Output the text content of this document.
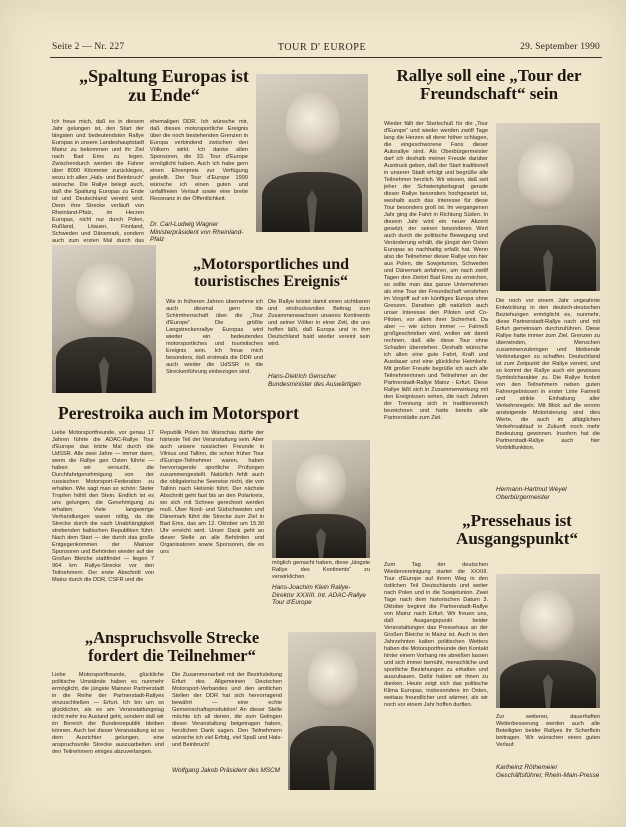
Seite 2 — Nr. 227	TOUR D' EUROPE	29. September 1990
„Spaltung Europas ist zu Ende“
Ich freue mich, daß es in diesem Jahr gelungen ist, den Start der längsten und bedeutendsten Rallye Europas in unsere Landeshauptstadt Mainz zu bekommen und ihr Ziel nach Bad Ems zu legen. Zwischendurch werden die Fahrer über 8000 Kilometer zurücklegen, wozu ich allen „Hals- und Beinbruch“ wünsche. Die Rallye belegt auch, daß die Spaltung Europas zu Ende ist und Deutschland vereint wird. Denn ihre Strecke verläuft von Rheinland-Pfalz, im Herzen Europas, nicht nur durch Polen, Rußland, Litauen, Finnland, Schweden und Dänemark, sondern auch zum ersten Mal durch das
ehemaligen DDR. Ich wünsche mir, daß dieses motorsportliche Ereignis über die noch bestehenden Grenzen in Europa verbindend zwischen den Völkern wirkt. Ich danke allen Sponsoren, die 33. Tour d'Europe ermöglicht haben. Auch ich habe gern einen Ehrenpreis zur Verfügung gestellt. Der Tour d'Europe 1990 wünsche ich einen guten und unfallfreien Verlauf sowie eine breite Resonanz in der Öffentlichkeit.
Dr. Carl-Ludwig Wagner Ministerpräsident von Rheinland-Pfalz
„Motorsportliches und touristisches Ereignis“
Wie in früheren Jahren übernehme ich auch diesmal gern die Schirmherrschaft über die „Tour d'Europe“. Die größte Langstreckenrallye Europas wird wieder ein bedeutendes motorsportliches und touristisches Ereignis sein. Ich freue mich besonders, daß erstmals die DDR und auch wieder die UdSSR in die Streckenführung einbezogen sind.
Die Rallye leistet damit einen sichtbaren und eindrucksvollen Beitrag zum Zusammenwachsen unseres Kontinents und seiner Völker in einer Zeit, die uns hoffen läßt, daß Europa und in ihm Deutschland bald wieder vereint sein wird.
Hans-Dietrich Genscher Bundesminister des Auswärtigen
Perestroika auch im Motorsport
Liebe Motorsportfreunde, vor genau 17 Jahren führte die ADAC-Rallye Tour d'Europe das letzte Mal durch die UdSSR. Alle zwei Jahre — immer dann, wenn die Rallye gen Osten führte — haben wir versucht, die Durchfahrtgenehmigung von der russischen Motorsport-Federation zu erhalten. Wie sagt man so schön: Steter Tropfen höhlt den Stein. Endlich ist es uns gelungen, die Genehmigung zu erhalten. Viele langwierige Verhandlungen waren nötig, da die Strecke durch die nach Unabhängigkeit strebenden baltischen Republiken führt. Nach dem Start — der durch das große Entgegenkommen der Mainzer Sponsoren und Behörden wieder auf der Großen Bleiche stattfindet — liegen 7 964 km Rallye-Strecke vor den Teilnehmern. Der erste Abschnitt von Mainz durch die DDR, CSFR und die
Republik Polen bis Warschau dürfte der härteste Teil der Veranstaltung sein. Aber auch unsere russischen Freunde in Vilnius und Tallinn, die schon früher Tour d'Europe-Teilnehmer waren, haben hervorragende sportliche Prüfungen zusammengestellt. Natürlich fehlt auch die obligatorische Seereise nicht, die von Tallinn nach Helsinki führt. Der nächste Abschnitt geht fast bis an den Polarkreis, wo sich mit Schnee gerechnet werden muß. Über Nord- und Südschweden und Dänemark führt die Strecke zum Ziel in Bad Ems, das am 12. Oktober um 15.30 Uhr erreicht wird. Unser Dank geht an dieser Stelle an alle Behörden und Organisatoren sowie Sponsoren, die es uns
möglich gemacht haben, diese „längste Rallye des Kontinents“ zu verwirklichen.
Hans-Joachim Klein Rallye-Direktor XXXIII. Int. ADAC-Rallye Tour d'Europe
„Anspruchsvolle Strecke fordert die Teilnehmer“
Liebe Motorsportfreunde, glückliche politische Umstände haben es nunmehr ermöglicht, die jüngste Mainzer Partnerstadt in die Reihe der Partnerstadt-Rallyes einzuschließen — Erfurt. Ich bin um so glücklicher, als es am Veranstaltungstag nicht mehr ins Ausland geht, sondern daß wir im Bereich der Bundesrepublik bleiben können. Auch bei dieser Veranstaltung ist es dem Ausrichter gelungen, eine anspruchsvolle Strecke auszuarbeiten und den Teilnehmern einiges abzuverlangen.
Die Zusammenarbeit mit der Bezirksleitung Erfurt des Allgemeinen Deutschen Motorsport-Verbandes und den amtlichen Stellen der DDR hat sich hervorragend bewährt — eine echte Gemeinschaftsproduktion! An dieser Stelle möchte ich all denen, die zum Gelingen dieser Veranstaltung beigetragen haben, herzlichen Dank sagen. Den Teilnehmern wünsche ich viel Erfolg, viel Spaß und Hals- und Beinbruch!
Wolfgang Jakob Präsident des MSCM
Rallye soll eine „Tour der Freundschaft“ sein
Wieder fällt der Startschuß für die „Tour d'Europe“ und wieder werden zwölf Tage lang die Herzen all derer höher schlagen, die eingeschworene Fans dieser Autorallye sind. Als Oberbürgermeister darf ich deshalb meiner Freude darüber Ausdruck geben, daß der Start traditionell in unserer Stadt erfolgt und begrüße alle Teilnehmer herzlich. Wir wissen, daß seit jeher der Schwierigkeitsgrad gerade dieser Rallye besonders hochgesetzt ist, weshalb auch das Interesse für diese Tour besonders groß ist. Im vergangenen Jahr ging die Fahrt in Richtung Süden. In diesem Jahr wird ein neuer Akzent gesetzt, der seinen besonderen Wert auch durch die politische Bewegung und Veränderung erhält, die jüngst den Osten Europas so nachhaltig erfaßt hat. Wenn also die Teilnehmer dieser Rallye von hier aus Polen, die Sowjetunion, Schweden und Dänemark anfahren, um nach zwölf Tagen den Zielort Bad Ems zu erreichen, so sollte man das ganze Unternehmen als eine Tour der Freundschaft verstehen im Vorgriff auf ein künftiges Europa ohne Grenzen. Daneben gilt natürlich auch unser Interesse den Piloten und Co-Piloten, vor allem ihrer Sicherheit. Da aber — wie schon immer — Fairneß großgeschrieben wird, wollen wir damit rechnen, daß alle diese Tour ohne Schaden überstehen. Deshalb wünsche ich allen eine gute Fahrt, Kraft und Ausdauer und eine glückliche Heimkehr. Mit großer Freude begrüße ich auch alle Teilnehmerinnen und Teilnehmer an der Partnerstadt-Rallye Mainz - Erfurt. Diese Rallye läßt sich in Zusammenwirkung mit den Ereignissen sehen, die nach Jahren der Trennung sich in traditionsreich bezeichnen und hatte bereits alle Partnerstädte zum Ziel.
Die noch vor einem Jahr ungeahnte Entwicklung in den deutsch-deutschen Beziehungen ermöglicht es, nunmehr, diese Partnerstadt-Rallye nach und mit Erfurt gemeinsam durchzuführen. Diese Rallye hatte immer zum Ziel, Grenzen zu überwinden, Menschen zusammenzubringen und bleibende Verbindungen zu schaffen. Deutschland ist zum Zeitpunkt der Rallye vereint, und so kommt der Rallye auch ein gewisses Symbolcharakter zu. Die Rallye fordert von den Teilnehmern neben guten Fahrergebnissen in erster Linie Fairneß und strikte Einhaltung aller Verkehrsregeln. Mit Blick auf die enorm ansteigende Motorisierung sind dies Werte, die auch im alltäglichen Verkehrsablauf in Zukunft noch mehr Bedeutung gewinnen. Insofern hat die Partnerstadt-Rallye auch hier Vorbildfunktion.
Hermann-Hartmut Weyel Oberbürgermeister
„Pressehaus ist Ausgangspunkt“
Zum Tag der deutschen Wiedervereinigung startet die XXXIII. Tour d'Europe auf ihrem Weg in den östlichen Teil Deutschlands und weiter nach Polen und in die Sowjetunion. Zwei Tage nach dem historischen Datum 3. Oktober beginnt die Partnerstadt-Rallye von Mainz nach Erfurt. Wir freuen uns, daß Ausgangspunkt beider Veranstaltungen das Pressehaus an der Großen Bleiche in Mainz ist. Auch in den Jahrzehnten kalten politischen Wetters haben die Motorsportfreunde den Kontakt hinter einem Vorhang nie abreißen lassen und sich immer bemüht, menschliche und sportliche Beziehungen zu erhalten und auszubauen. Dafür haben wir ihnen zu danken. Heute zeigt sich das politische Klima Europas, insbesondere im Osten, weitaus freundlicher und wärmer, als wir noch vor einem Jahr hoffen durften.
Zur weiteren, dauerhaften Wetterbesserung werden auch alle Beteiligten beider Rallyes ihr Scherflein beitragen. Wir wünschen einen guten Verlauf.
Karlheinz Röthemeier Geschäftsführer, Rhein-Main-Presse
